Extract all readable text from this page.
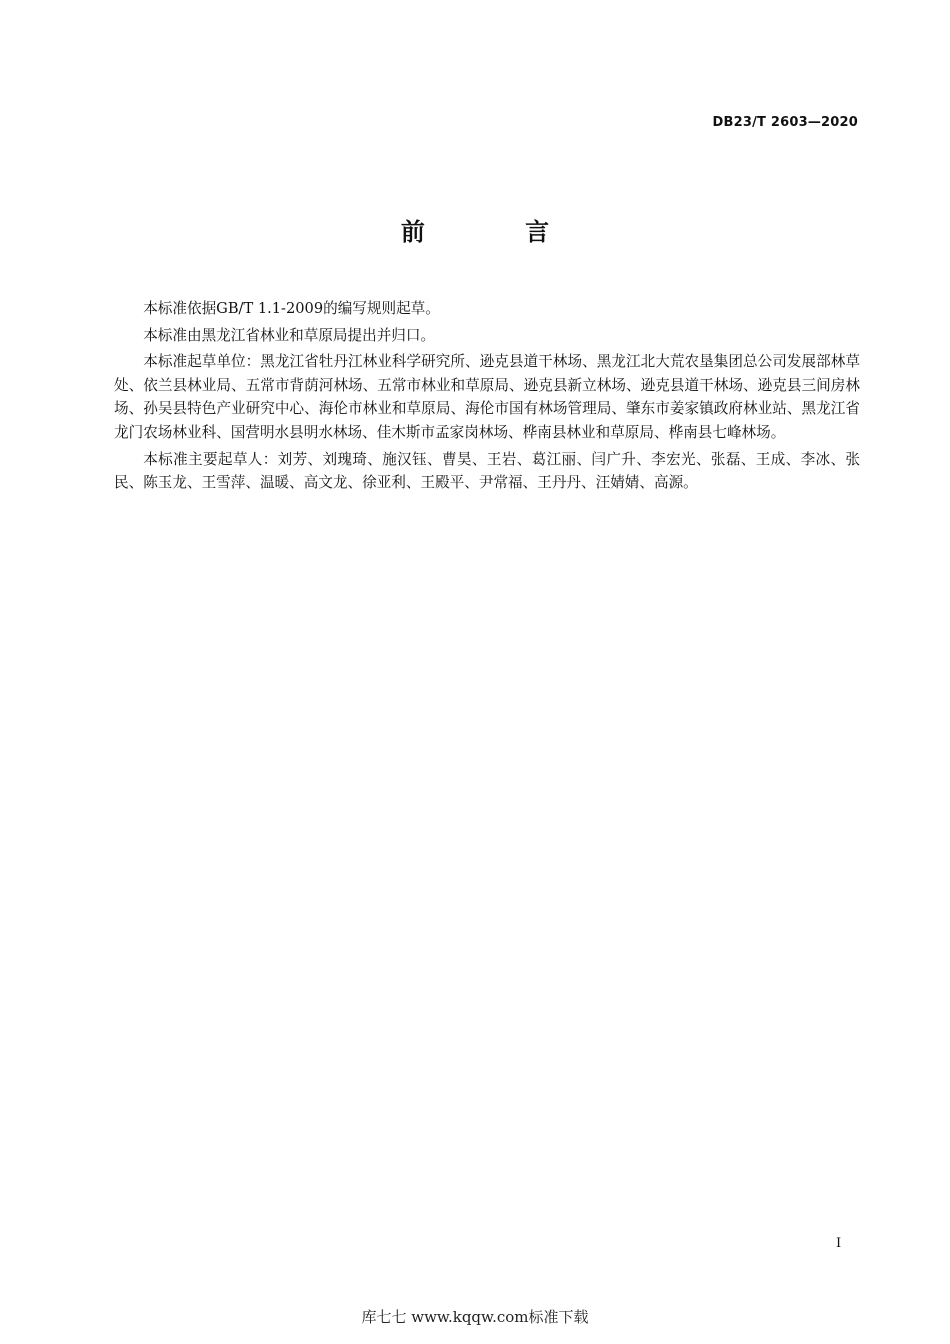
DB23/T 2603—2020
前 言

本标准依据GB/T 1.1-2009的编写规则起草。

本标准由黑龙江省林业和草原局提出并归口。

本标准起草单位：黑龙江省牡丹江林业科学研究所、逊克县道干林场、黑龙江北大荒农垦集团总公司发展部林草处、依兰县林业局、五常市背荫河林场、五常市林业和草原局、逊克县新立林场、逊克县道干林场、逊克县三间房林场、孙吴县特色产业研究中心、海伦市林业和草原局、海伦市国有林场管理局、肇东市姜家镇政府林业站、黑龙江省龙门农场林业科、国营明水县明水林场、佳木斯市孟家岗林场、桦南县林业和草原局、桦南县七峰林场。

本标准主要起草人：刘芳、刘瑰琦、施汉钰、曹昊、王岩、葛江丽、闫广升、李宏光、张磊、王成、李冰、张民、陈玉龙、王雪萍、温暖、高文龙、徐亚利、王殿平、尹常福、王丹丹、汪婧婧、高源。

I
库七七 www.kqqw.com标准下载
